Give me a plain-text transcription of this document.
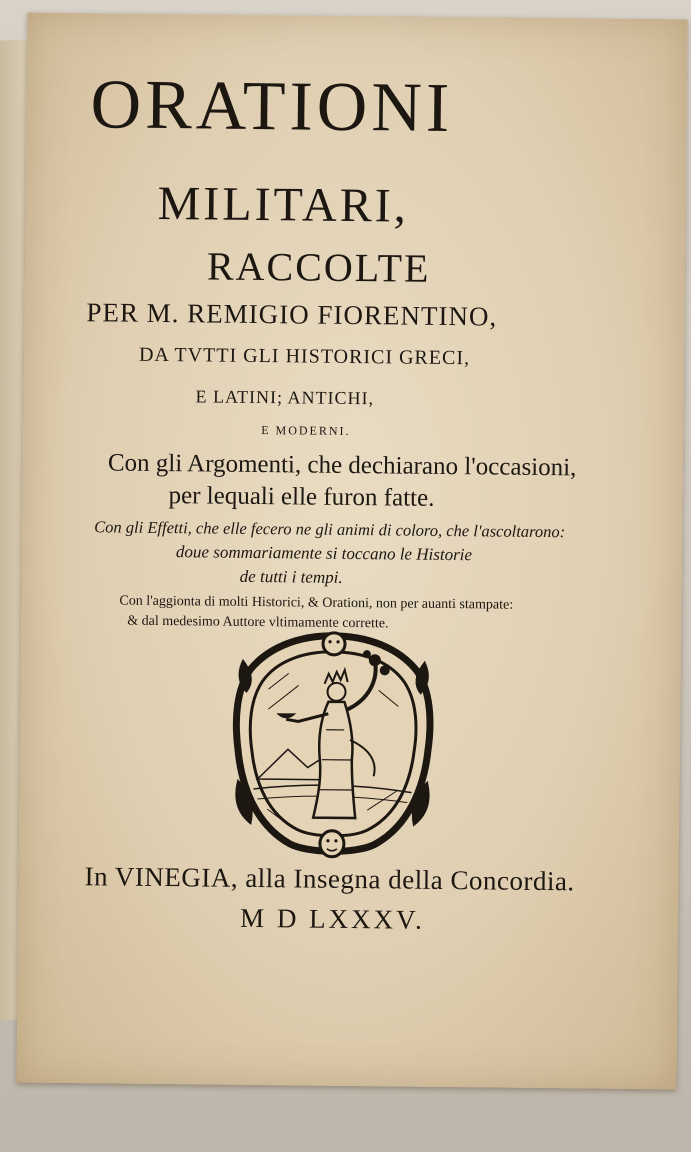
ORATIONI
MILITARI,
RACCOLTE
PER M. REMIGIO FIORENTINO,
DA TVTTI GLI HISTORICI GRECI,
E LATINI; ANTICHI,
E MODERNI.
Con gli Argomenti, che dechiarano l'occasioni,
per lequali elle furon fatte.
Con gli Effetti, che elle fecero ne gli animi di coloro, che l'ascoltarono:
doue sommariamente si toccano le Historie
de tutti i tempi.
Con l'aggionta di molti Historici, & Orationi, non per auanti stampate:
& dal medesimo Auttore vltimamente corrette.
In VINEGIA, alla Insegna della Concordia.
M D LXXXV.
